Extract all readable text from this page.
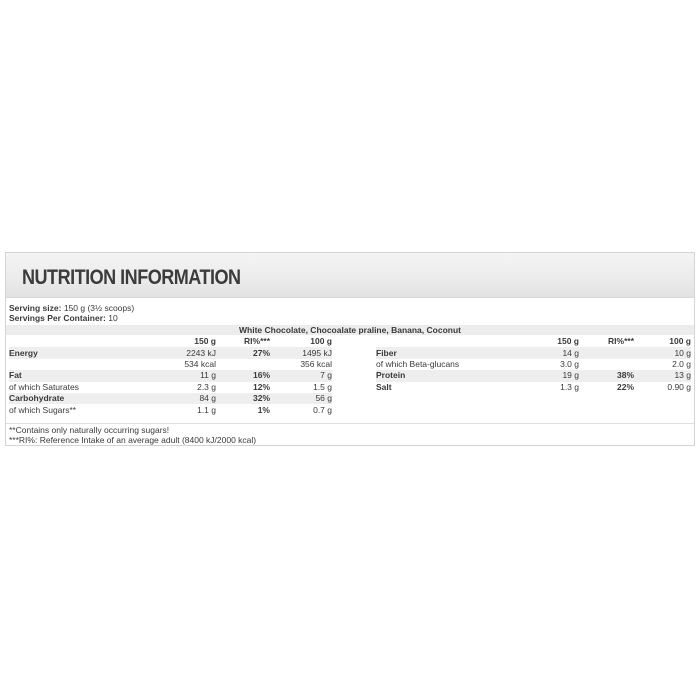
NUTRITION INFORMATION
Serving size: 150 g (3½ scoops)
Servings Per Container: 10
White Chocolate, Chocoalate praline, Banana, Coconut
	150 g	RI%***	100 g
Energy	2243 kJ	27%	1495 kJ
	534 kcal		356 kcal
Fat	11 g	16%	7 g
of which Saturates	2.3 g	12%	1.5 g
Carbohydrate	84 g	32%	56 g
of which Sugars**	1.1 g	1%	0.7 g
	150 g	RI%***	100 g
Fiber	14 g		10 g
of which Beta-glucans	3.0 g		2.0 g
Protein	19 g	38%	13 g
Salt	1.3 g	22%	0.90 g
**Contains only naturally occurring sugars!
***RI%: Reference Intake of an average adult (8400 kJ/2000 kcal)
